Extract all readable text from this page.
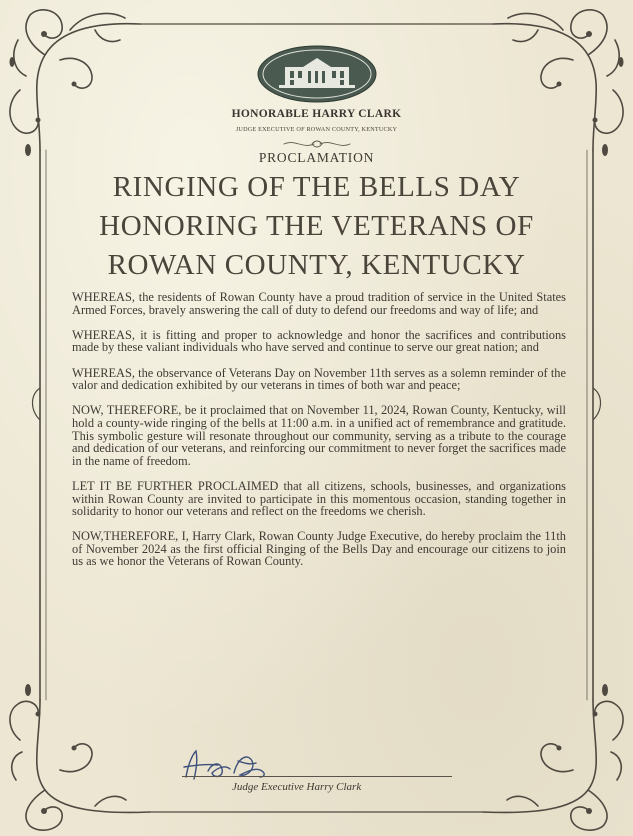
HONORABLE HARRY CLARK
JUDGE EXECUTIVE OF ROWAN COUNTY, KENTUCKY
PROCLAMATION
RINGING OF THE BELLS DAY
HONORING THE VETERANS OF
ROWAN COUNTY, KENTUCKY

WHEREAS, the residents of Rowan County have a proud tradition of service in the United States Armed Forces, bravely answering the call of duty to defend our freedoms and way of life; and

WHEREAS, it is fitting and proper to acknowledge and honor the sacrifices and contributions made by these valiant individuals who have served and continue to serve our great nation; and

WHEREAS, the observance of Veterans Day on November 11th serves as a solemn reminder of the valor and dedication exhibited by our veterans in times of both war and peace;

NOW, THEREFORE, be it proclaimed that on November 11, 2024, Rowan County, Kentucky, will hold a county-wide ringing of the bells at 11:00 a.m. in a unified act of remembrance and gratitude. This symbolic gesture will resonate throughout our community, serving as a tribute to the courage and dedication of our veterans, and reinforcing our commitment to never forget the sacrifices made in the name of freedom.

LET IT BE FURTHER PROCLAIMED that all citizens, schools, businesses, and organizations within Rowan County are invited to participate in this momentous occasion, standing together in solidarity to honor our veterans and reflect on the freedoms we cherish.

NOW,THEREFORE, I, Harry Clark, Rowan County Judge Executive, do hereby proclaim the 11th of November 2024 as the first official Ringing of the Bells Day and encourage our citizens to join us as we honor the Veterans of Rowan County.

Judge Executive Harry Clark
